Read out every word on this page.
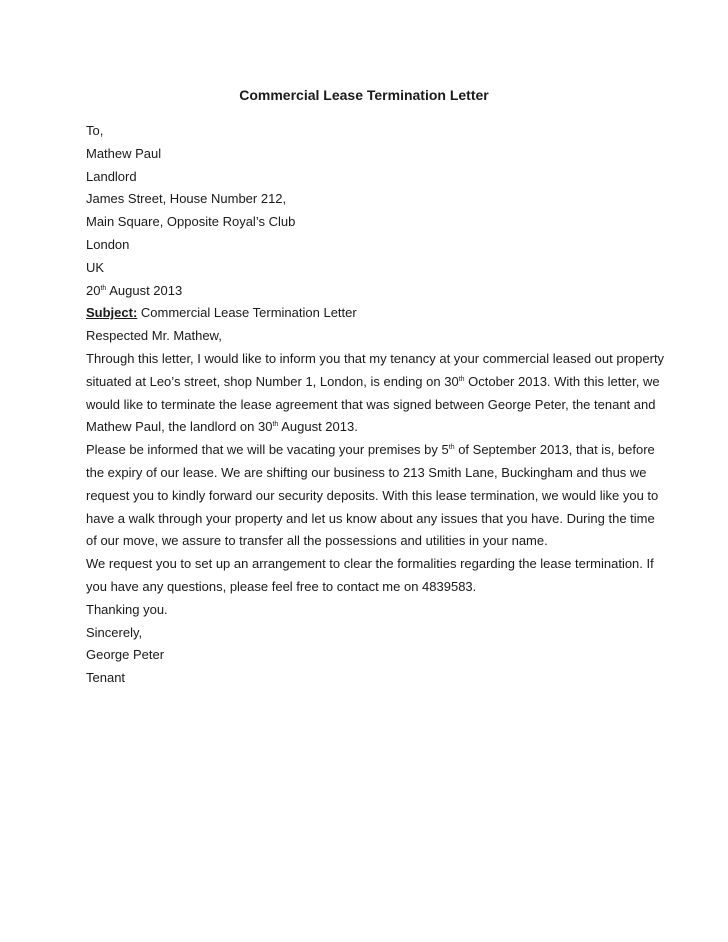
Commercial Lease Termination Letter
To,
Mathew Paul
Landlord
James Street, House Number 212,
Main Square, Opposite Royal’s Club
London
UK
20th August 2013
Subject: Commercial Lease Termination Letter
Respected Mr. Mathew,
Through this letter, I would like to inform you that my tenancy at your commercial leased out property
situated at Leo’s street, shop Number 1, London, is ending on 30th October 2013. With this letter, we
would like to terminate the lease agreement that was signed between George Peter, the tenant and
Mathew Paul, the landlord on 30th August 2013.
Please be informed that we will be vacating your premises by 5th of September 2013, that is, before
the expiry of our lease. We are shifting our business to 213 Smith Lane, Buckingham and thus we
request you to kindly forward our security deposits. With this lease termination, we would like you to
have a walk through your property and let us know about any issues that you have. During the time
of our move, we assure to transfer all the possessions and utilities in your name.
We request you to set up an arrangement to clear the formalities regarding the lease termination. If
you have any questions, please feel free to contact me on 4839583.
Thanking you.
Sincerely,
George Peter
Tenant
